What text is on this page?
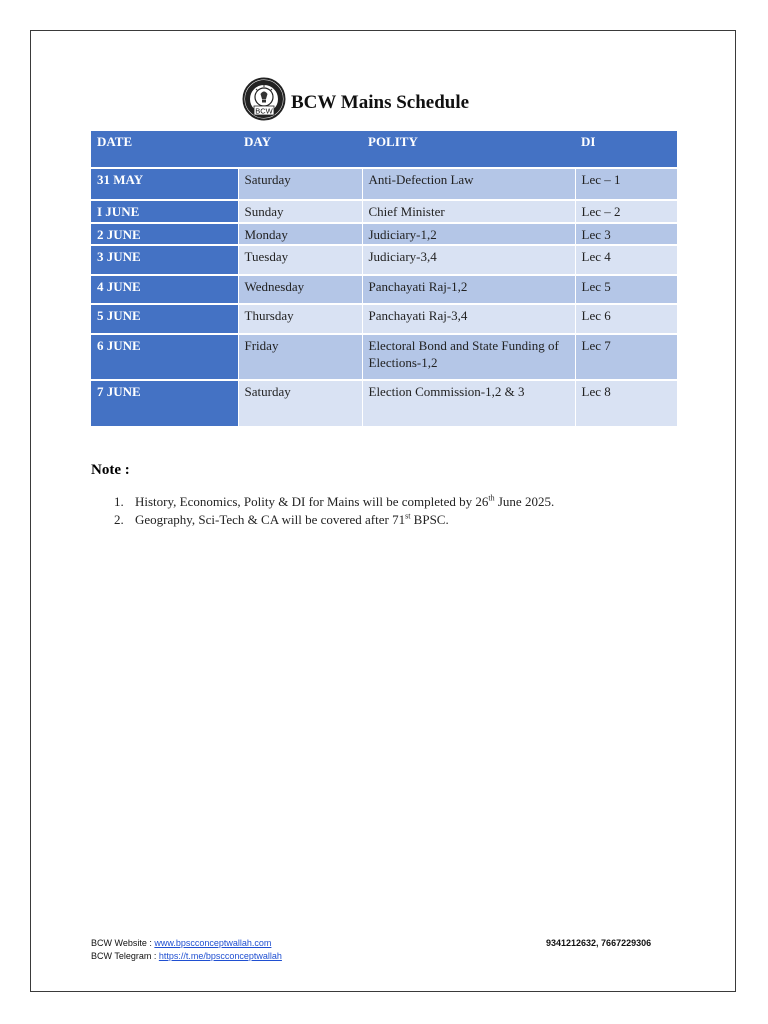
BCW BCW Mains Schedule
DATE	DAY	POLITY	DI
31 MAY	Saturday	Anti-Defection Law	Lec – 1
I JUNE	Sunday	Chief Minister	Lec – 2
2 JUNE	Monday	Judiciary-1,2	Lec 3
3 JUNE	Tuesday	Judiciary-3,4	Lec 4
4 JUNE	Wednesday	Panchayati Raj-1,2	Lec 5
5 JUNE	Thursday	Panchayati Raj-3,4	Lec 6
6 JUNE	Friday	Electoral Bond and State Funding of Elections-1,2	Lec 7
7 JUNE	Saturday	Election Commission-1,2 & 3	Lec 8
Note :
1. History, Economics, Polity & DI for Mains will be completed by 26th June 2025.
2. Geography, Sci-Tech & CA will be covered after 71st BPSC.
BCW Website : www.bpscconceptwallah.com
BCW Telegram : https://t.me/bpscconceptwallah
9341212632, 7667229306
